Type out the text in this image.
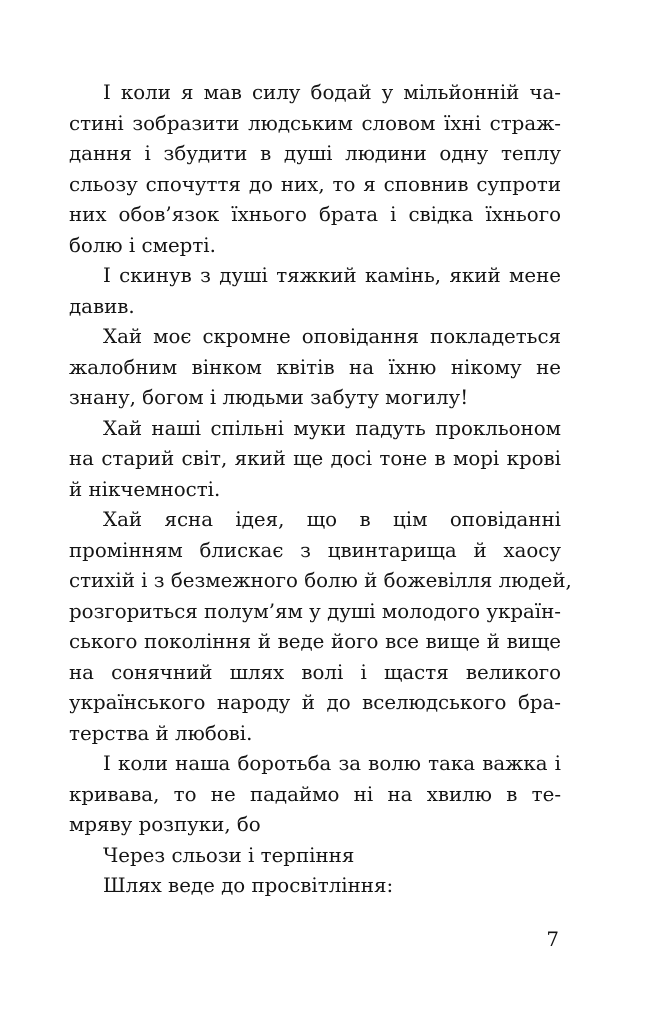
І коли я мав силу бодай у мільйонній ча-
стині зобразити людським словом їхні страж-
дання і збудити в душі людини одну теплу
сльозу спочуття до них, то я сповнив супроти
них обов’язок їхнього брата і свідка їхнього
болю і смерті.
І скинув з душі тяжкий камінь, який мене
давив.
Хай моє скромне оповідання покладеться
жалобним вінком квітів на їхню нікому не
знану, богом і людьми забуту могилу!
Хай наші спільні муки падуть прокльоном
на старий світ, який ще досі тоне в морі крові
й нікчемності.
Хай ясна ідея, що в цім оповіданні
промінням блискає з цвинтарища й хаосу
стихій і з безмежного болю й божевілля людей,
розгориться полум’ям у душі молодого україн-
ського покоління й веде його все вище й вище
на сонячний шлях волі і щастя великого
українського народу й до вселюдського бра-
терства й любові.
І коли наша боротьба за волю така важка і
кривава, то не падаймо ні на хвилю в те-
мряву розпуки, бо
Через сльози і терпіння
Шлях веде до просвітління:
7
